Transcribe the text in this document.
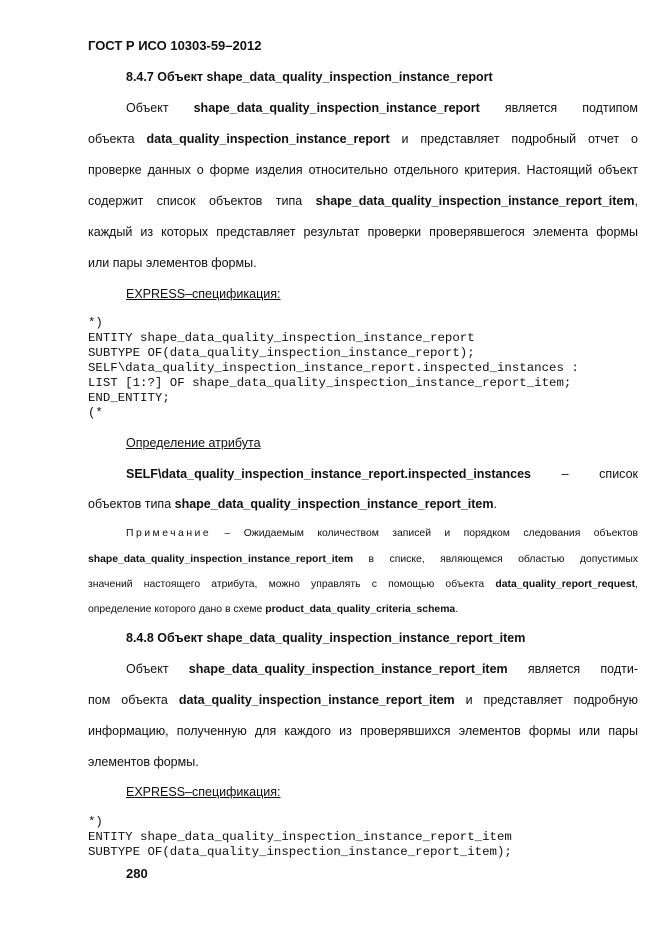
ГОСТ Р ИСО 10303-59–2012
8.4.7 Объект shape_data_quality_inspection_instance_report
Объект shape_data_quality_inspection_instance_report является подтипом
объекта data_quality_inspection_instance_report и представляет подробный отчет о
проверке данных о форме изделия относительно отдельного критерия. Настоящий объект
содержит список объектов типа shape_data_quality_inspection_instance_report_item,
каждый из которых представляет результат проверки проверявшегося элемента формы
или пары элементов формы.
EXPRESS–спецификация:
*)
ENTITY shape_data_quality_inspection_instance_report
SUBTYPE OF(data_quality_inspection_instance_report);
SELF\data_quality_inspection_instance_report.inspected_instances :
LIST [1:?] OF shape_data_quality_inspection_instance_report_item;
END_ENTITY;
(*
Определение атрибута
SELF\data_quality_inspection_instance_report.inspected_instances – список
объектов типа shape_data_quality_inspection_instance_report_item.
Примечание – Ожидаемым количеством записей и порядком следования объектов
shape_data_quality_inspection_instance_report_item в списке, являющемся областью допустимых
значений настоящего атрибута, можно управлять с помощью объекта data_quality_report_request,
определение которого дано в схеме product_data_quality_criteria_schema.
8.4.8 Объект shape_data_quality_inspection_instance_report_item
Объект shape_data_quality_inspection_instance_report_item является подти-
пом объекта data_quality_inspection_instance_report_item и представляет подробную
информацию, полученную для каждого из проверявшихся элементов формы или пары
элементов формы.
EXPRESS–спецификация:
*)
ENTITY shape_data_quality_inspection_instance_report_item
SUBTYPE OF(data_quality_inspection_instance_report_item);
280
